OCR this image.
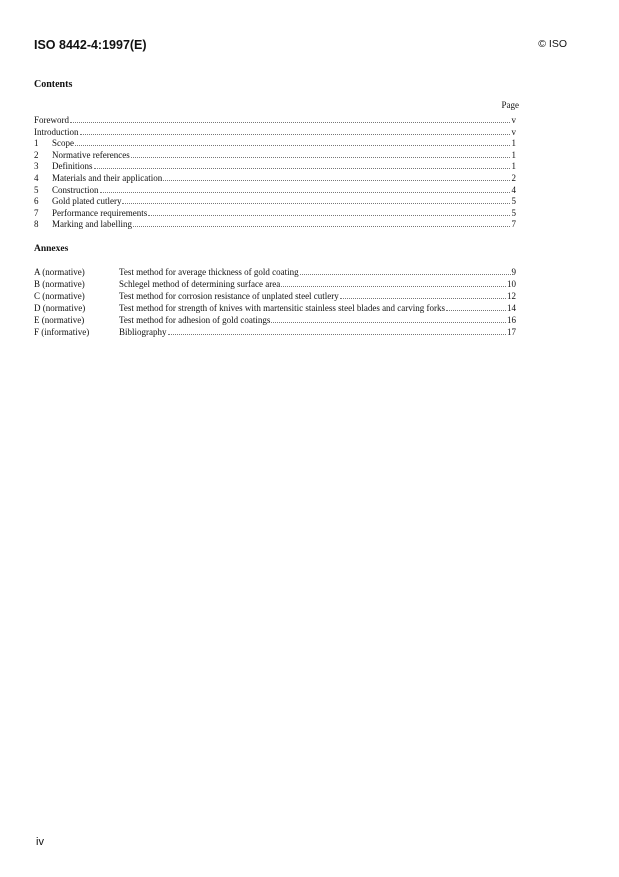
ISO 8442-4:1997(E)	© ISO
Contents
Page
Foreword	v
Introduction	v
1	Scope	1
2	Normative references	1
3	Definitions	1
4	Materials and their application	2
5	Construction	4
6	Gold plated cutlery	5
7	Performance requirements	5
8	Marking and labelling	7
Annexes
A (normative)	Test method for average thickness of gold coating	9
B (normative)	Schlegel method of determining surface area	10
C (normative)	Test method for corrosion resistance of unplated steel cutlery	12
D (normative)	Test method for strength of knives with martensitic stainless steel blades and carving forks	14
E (normative)	Test method for adhesion of gold coatings	16
F (informative)	Bibliography	17
iv
